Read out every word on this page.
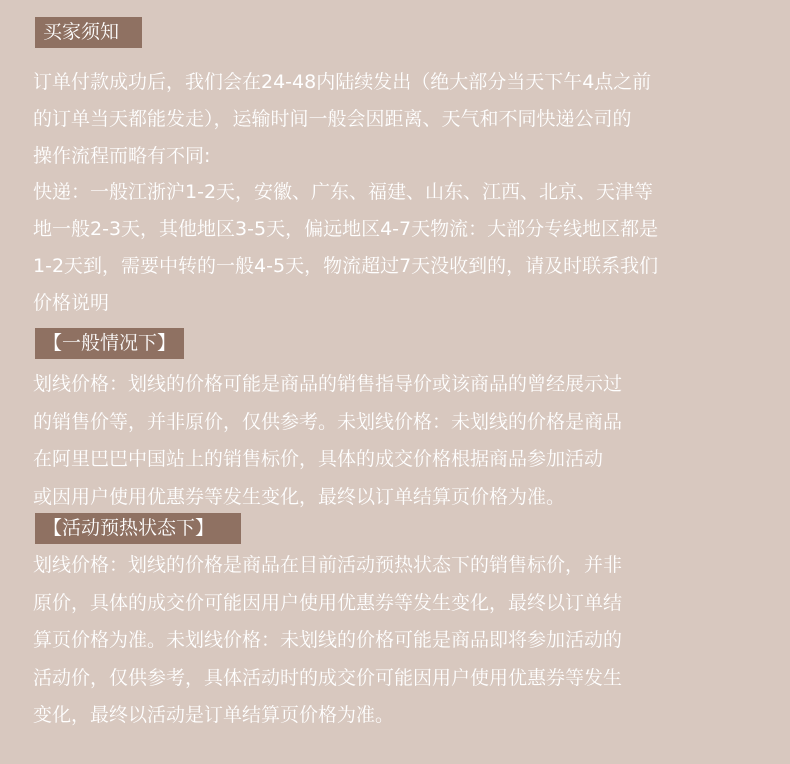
买家须知
订单付款成功后，我们会在24-48内陆续发出（绝大部分当天下午4点之前
的订单当天都能发走），运输时间一般会因距离、天气和不同快递公司的
操作流程而略有不同:
快递：一般江浙沪1-2天，安徽、广东、福建、山东、江西、北京、天津等
地一般2-3天，其他地区3-5天，偏远地区4-7天物流：大部分专线地区都是
1-2天到，需要中转的一般4-5天，物流超过7天没收到的，请及时联系我们
价格说明
【一般情况下】
划线价格：划线的价格可能是商品的销售指导价或该商品的曾经展示过
的销售价等，并非原价，仅供参考。未划线价格：未划线的价格是商品
在阿里巴巴中国站上的销售标价，具体的成交价格根据商品参加活动
或因用户使用优惠券等发生变化，最终以订单结算页价格为准。
【活动预热状态下】
划线价格：划线的价格是商品在目前活动预热状态下的销售标价，并非
原价，具体的成交价可能因用户使用优惠券等发生变化，最终以订单结
算页价格为准。未划线价格：未划线的价格可能是商品即将参加活动的
活动价，仅供参考，具体活动时的成交价可能因用户使用优惠券等发生
变化，最终以活动是订单结算页价格为准。
